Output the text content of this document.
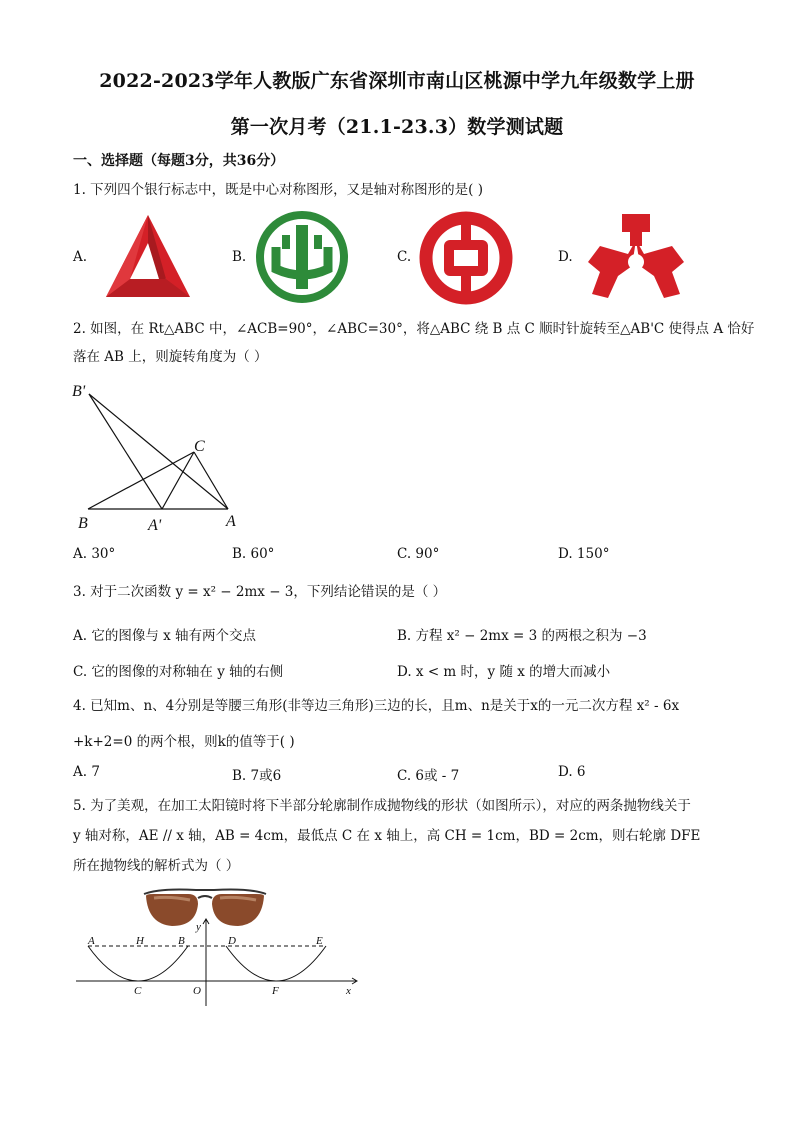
2022-2023学年人教版广东省深圳市南山区桃源中学九年级数学上册
第一次月考（21.1-23.3）数学测试题
一、选择题（每题3分，共36分）
1. 下列四个银行标志中，既是中心对称图形，又是轴对称图形的是( )
A.	B.	C.	D.
2. 如图，在 Rt△ABC 中，∠ACB=90°，∠ABC=30°，将△ABC 绕 B 点 C 顺时针旋转至△AB'C 使得点 A 恰好
落在 AB 上，则旋转角度为（ ）
B'
C
B	A'	A
A. 30°	B. 60°	C. 90°	D. 150°
3. 对于二次函数 y = x² − 2mx − 3，下列结论错误的是（ ）
A. 它的图像与 x 轴有两个交点	B. 方程 x² − 2mx = 3 的两根之积为 −3
C. 它的图像的对称轴在 y 轴的右侧	D. x < m 时，y 随 x 的增大而减小
4. 已知m、n、4分别是等腰三角形(非等边三角形)三边的长，且m、n是关于x的一元二次方程 x² - 6x
+k+2=0 的两个根，则k的值等于( )
A. 7	B. 7或6	C. 6或 - 7	D. 6
5. 为了美观，在加工太阳镜时将下半部分轮廓制作成抛物线的形状（如图所示），对应的两条抛物线关于
y 轴对称，AE // x 轴，AB = 4cm，最低点 C 在 x 轴上，高 CH = 1cm，BD = 2cm，则右轮廓 DFE
所在抛物线的解析式为（ ）
A	H	B	D	E
y
C	O	F	x
